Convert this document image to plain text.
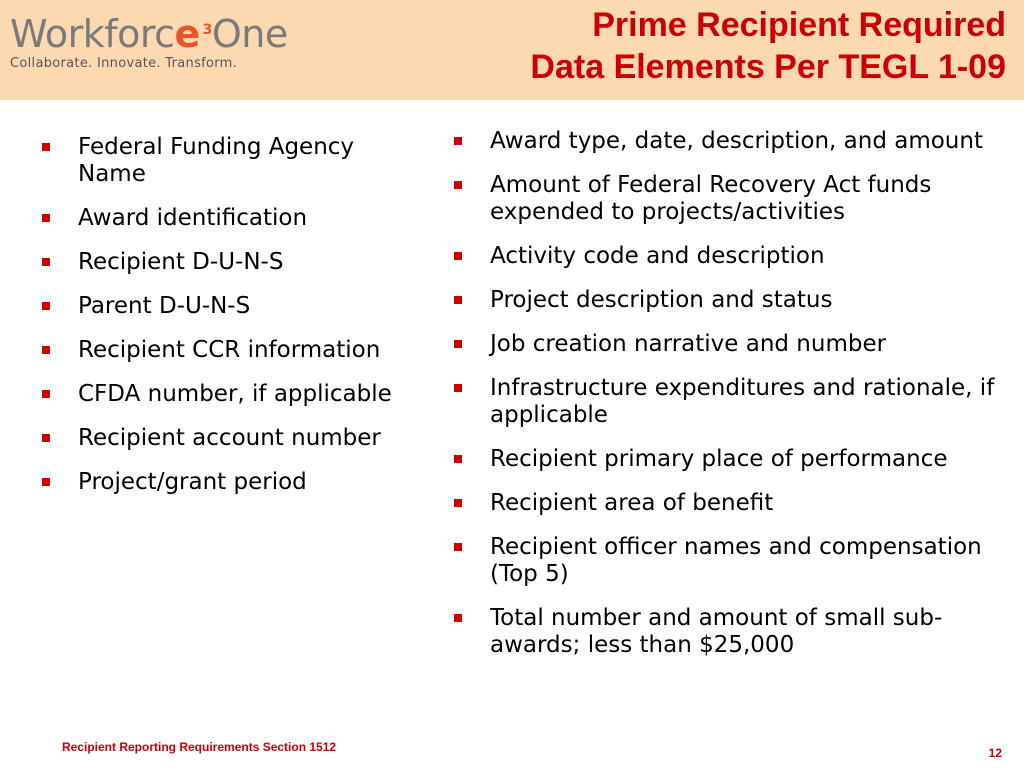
Workforce 3 One
Collaborate. Innovate. Transform.
Prime Recipient Required
Data Elements Per TEGL 1-09
Federal Funding Agency Name
Award identification
Recipient D-U-N-S
Parent D-U-N-S
Recipient CCR information
CFDA number, if applicable
Recipient account number
Project/grant period
Award type, date, description, and amount
Amount of Federal Recovery Act funds expended to projects/activities
Activity code and description
Project description and status
Job creation narrative and number
Infrastructure expenditures and rationale, if applicable
Recipient primary place of performance
Recipient area of benefit
Recipient officer names and compensation (Top 5)
Total number and amount of small sub-awards; less than $25,000
Recipient Reporting Requirements Section 1512	12
